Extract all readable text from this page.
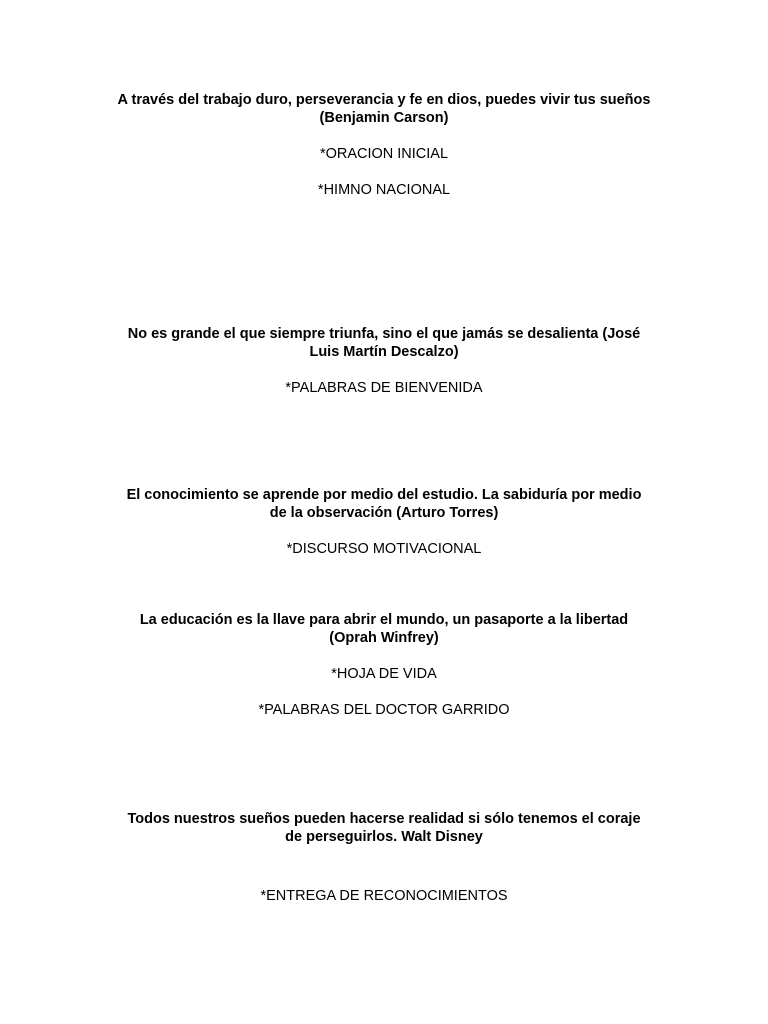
A través del trabajo duro, perseverancia y fe en dios, puedes vivir tus sueños
(Benjamin Carson)
*ORACION INICIAL
*HIMNO NACIONAL
No es grande el que siempre triunfa, sino el que jamás se desalienta (José
Luis Martín Descalzo)
*PALABRAS DE BIENVENIDA
El conocimiento se aprende por medio del estudio. La sabiduría por medio
de la observación (Arturo Torres)
*DISCURSO MOTIVACIONAL
La educación es la llave para abrir el mundo, un pasaporte a la libertad
(Oprah Winfrey)
*HOJA DE VIDA
*PALABRAS DEL DOCTOR GARRIDO
Todos nuestros sueños pueden hacerse realidad si sólo tenemos el coraje
de perseguirlos. Walt Disney
*ENTREGA DE RECONOCIMIENTOS
